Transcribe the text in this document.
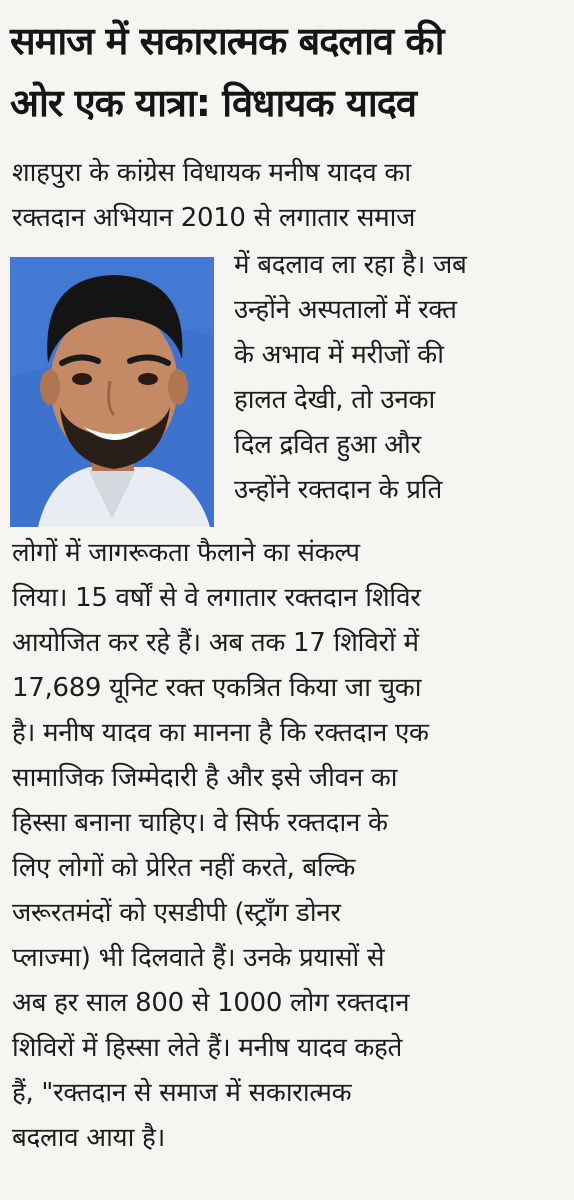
समाज में सकारात्मक बदलाव की
ओर एक यात्रा: विधायक यादव
शाहपुरा के कांग्रेस विधायक मनीष यादव का
रक्तदान अभियान 2010 से लगातार समाज
में बदलाव ला रहा है। जब
उन्होंने अस्पतालों में रक्त
के अभाव में मरीजों की
हालत देखी, तो उनका
दिल द्रवित हुआ और
उन्होंने रक्तदान के प्रति
लोगों में जागरूकता फैलाने का संकल्प
लिया। 15 वर्षों से वे लगातार रक्तदान शिविर
आयोजित कर रहे हैं। अब तक 17 शिविरों में
17,689 यूनिट रक्त एकत्रित किया जा चुका
है। मनीष यादव का मानना है कि रक्तदान एक
सामाजिक जिम्मेदारी है और इसे जीवन का
हिस्सा बनाना चाहिए। वे सिर्फ रक्तदान के
लिए लोगों को प्रेरित नहीं करते, बल्कि
जरूरतमंदों को एसडीपी (स्ट्रॉंग डोनर
प्लाज्मा) भी दिलवाते हैं। उनके प्रयासों से
अब हर साल 800 से 1000 लोग रक्तदान
शिविरों में हिस्सा लेते हैं। मनीष यादव कहते
हैं, "रक्तदान से समाज में सकारात्मक
बदलाव आया है।
